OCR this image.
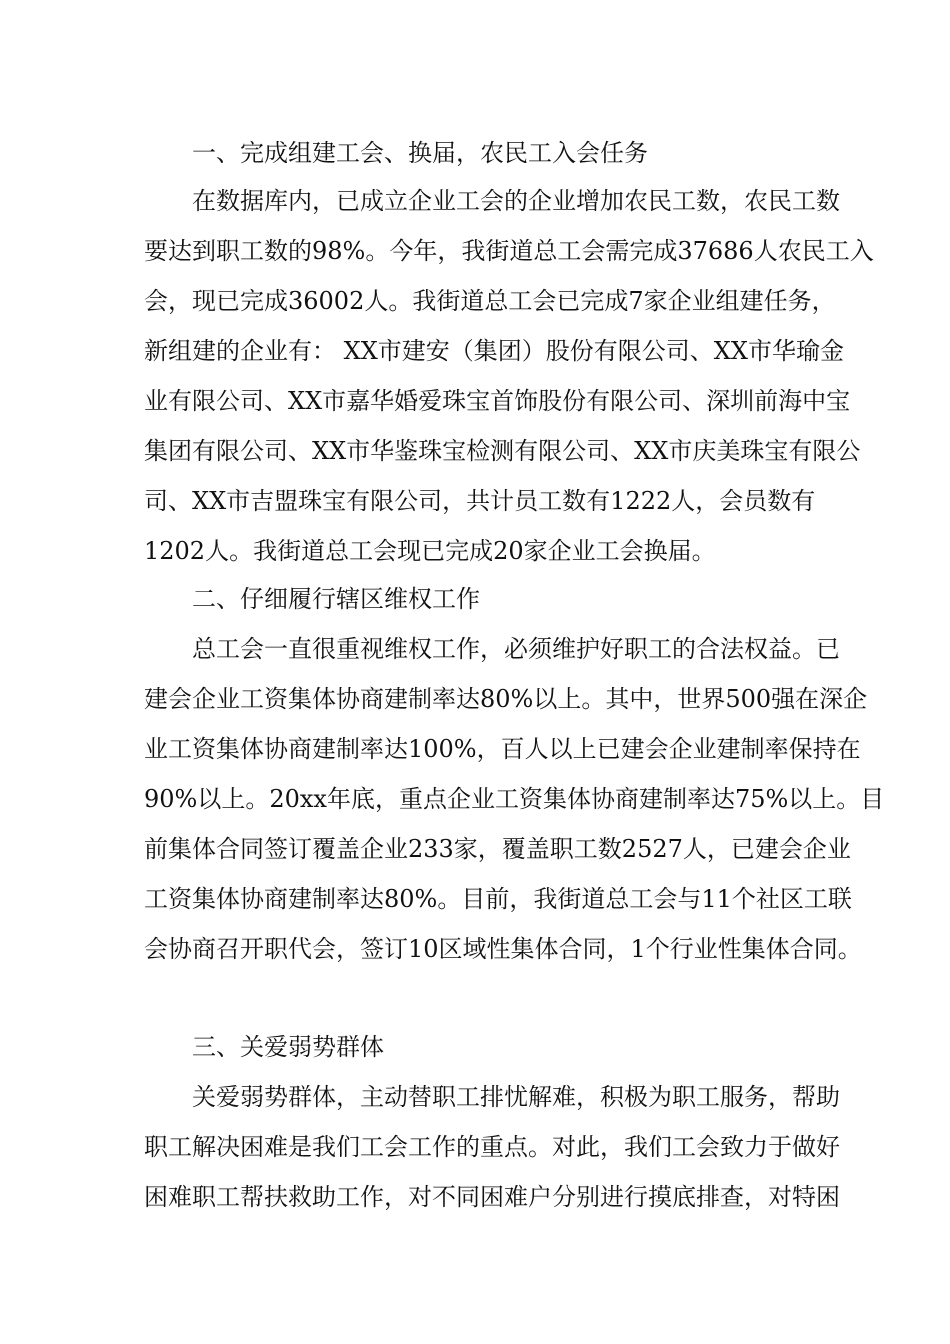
一、完成组建工会、换届，农民工入会任务
在数据库内，已成立企业工会的企业增加农民工数，农民工数
要达到职工数的98%。今年，我街道总工会需完成37686人农民工入
会，现已完成36002人。我街道总工会已完成7家企业组建任务，
新组建的企业有： XX市建安（集团）股份有限公司、XX市华瑜金
业有限公司、XX市嘉华婚爱珠宝首饰股份有限公司、深圳前海中宝
集团有限公司、XX市华鉴珠宝检测有限公司、XX市庆美珠宝有限公
司、XX市吉盟珠宝有限公司，共计员工数有1222人，会员数有
1202人。我街道总工会现已完成20家企业工会换届。
二、仔细履行辖区维权工作
总工会一直很重视维权工作，必须维护好职工的合法权益。已
建会企业工资集体协商建制率达80%以上。其中，世界500强在深企
业工资集体协商建制率达100%，百人以上已建会企业建制率保持在
90%以上。20xx年底，重点企业工资集体协商建制率达75%以上。目
前集体合同签订覆盖企业233家，覆盖职工数2527人，已建会企业
工资集体协商建制率达80%。目前，我街道总工会与11个社区工联
会协商召开职代会，签订10区域性集体合同，1个行业性集体合同。
三、关爱弱势群体
关爱弱势群体，主动替职工排忧解难，积极为职工服务，帮助
职工解决困难是我们工会工作的重点。对此，我们工会致力于做好
困难职工帮扶救助工作，对不同困难户分别进行摸底排查，对特困
